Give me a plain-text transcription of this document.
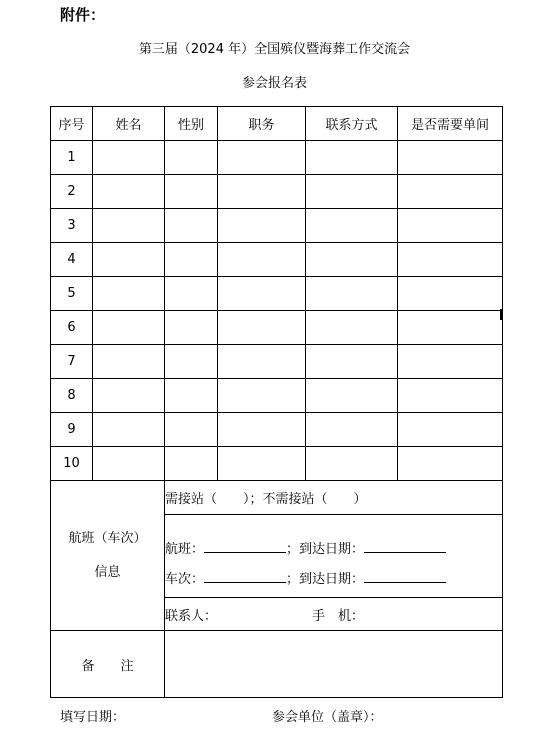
附件：
第三届（2024 年）全国殡仪暨海葬工作交流会
参会报名表
序号	姓名	性别	职务	联系方式	是否需要单间
1					
2					
3					
4					
5					
6					
7					
8					
9					
10					

航班（车次）
信息

需接站（　　）；不需接站（　　）
航班：	；到达日期：
车次：	；到达日期：
联系人：	手　机：

备　　注	
填写日期：	参会单位（盖章）：
